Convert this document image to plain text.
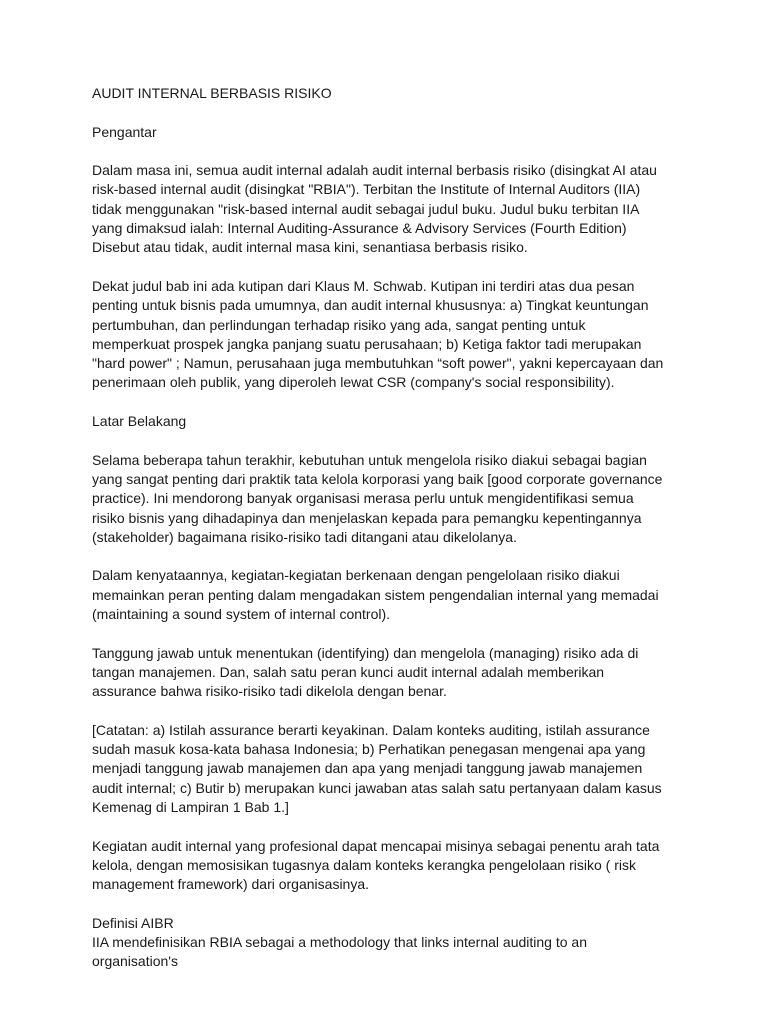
AUDIT INTERNAL BERBASIS RISIKO

Pengantar

Dalam masa ini, semua audit internal adalah audit internal berbasis risiko (disingkat AI atau
risk-based internal audit (disingkat "RBIA"). Terbitan the Institute of Internal Auditors (IIA)
tidak menggunakan "risk-based internal audit sebagai judul buku. Judul buku terbitan IIA
yang dimaksud ialah: Internal Auditing-Assurance & Advisory Services (Fourth Edition)
Disebut atau tidak, audit internal masa kini, senantiasa berbasis risiko.

Dekat judul bab ini ada kutipan dari Klaus M. Schwab. Kutipan ini terdiri atas dua pesan
penting untuk bisnis pada umumnya, dan audit internal khususnya: a) Tingkat keuntungan
pertumbuhan, dan perlindungan terhadap risiko yang ada, sangat penting untuk
memperkuat prospek jangka panjang suatu perusahaan; b) Ketiga faktor tadi merupakan
"hard power" ; Namun, perusahaan juga membutuhkan “soft power", yakni kepercayaan dan
penerimaan oleh publik, yang diperoleh lewat CSR (company's social responsibility).

Latar Belakang

Selama beberapa tahun terakhir, kebutuhan untuk mengelola risiko diakui sebagai bagian
yang sangat penting dari praktik tata kelola korporasi yang baik [good corporate governance
practice). Ini mendorong banyak organisasi merasa perlu untuk mengidentifikasi semua
risiko bisnis yang dihadapinya dan menjelaskan kepada para pemangku kepentingannya
(stakeholder) bagaimana risiko-risiko tadi ditangani atau dikelolanya.

Dalam kenyataannya, kegiatan-kegiatan berkenaan dengan pengelolaan risiko diakui
memainkan peran penting dalam mengadakan sistem pengendalian internal yang memadai
(maintaining a sound system of internal control).

Tanggung jawab untuk menentukan (identifying) dan mengelola (managing) risiko ada di
tangan manajemen. Dan, salah satu peran kunci audit internal adalah memberikan
assurance bahwa risiko-risiko tadi dikelola dengan benar.

[Catatan: a) Istilah assurance berarti keyakinan. Dalam konteks auditing, istilah assurance
sudah masuk kosa-kata bahasa Indonesia; b) Perhatikan penegasan mengenai apa yang
menjadi tanggung jawab manajemen dan apa yang menjadi tanggung jawab manajemen
audit internal; c) Butir b) merupakan kunci jawaban atas salah satu pertanyaan dalam kasus
Kemenag di Lampiran 1 Bab 1.]

Kegiatan audit internal yang profesional dapat mencapai misinya sebagai penentu arah tata
kelola, dengan memosisikan tugasnya dalam konteks kerangka pengelolaan risiko ( risk
management framework) dari organisasinya.

Definisi AIBR

IIA mendefinisikan RBIA sebagai a methodology that links internal auditing to an
organisation's
